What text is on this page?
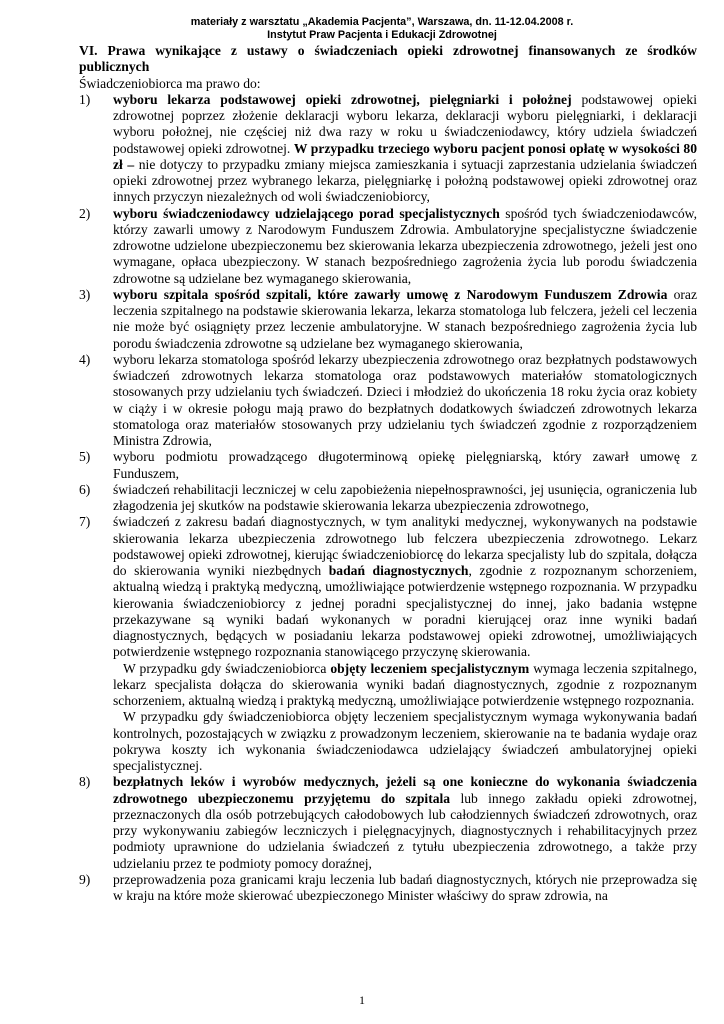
materiały z warsztatu „Akademia Pacjenta”, Warszawa, dn. 11-12.04.2008 r.
Instytut Praw Pacjenta i Edukacji Zdrowotnej

VI. Prawa wynikające z ustawy o świadczeniach opieki zdrowotnej finansowanych ze środków publicznych

Świadczeniobiorca ma prawo do:

1)	wyboru lekarza podstawowej opieki zdrowotnej, pielęgniarki i położnej podstawowej opieki zdrowotnej poprzez złożenie deklaracji wyboru lekarza, deklaracji wyboru pielęgniarki, i deklaracji wyboru położnej, nie częściej niż dwa razy w roku u świadczeniodawcy, który udziela świadczeń podstawowej opieki zdrowotnej. W przypadku trzeciego wyboru pacjent ponosi opłatę w wysokości 80 zł – nie dotyczy to przypadku zmiany miejsca zamieszkania i sytuacji zaprzestania udzielania świadczeń opieki zdrowotnej przez wybranego lekarza, pielęgniarkę i położną podstawowej opieki zdrowotnej oraz innych przyczyn niezależnych od woli świadczeniobiorcy,
2)	wyboru świadczeniodawcy udzielającego porad specjalistycznych spośród tych świadczeniodawców, którzy zawarli umowy z Narodowym Funduszem Zdrowia. Ambulatoryjne specjalistyczne świadczenie zdrowotne udzielone ubezpieczonemu bez skierowania lekarza ubezpieczenia zdrowotnego, jeżeli jest ono wymagane, opłaca ubezpieczony. W stanach bezpośredniego zagrożenia życia lub porodu świadczenia zdrowotne są udzielane bez wymaganego skierowania,
3)	wyboru szpitala spośród szpitali, które zawarły umowę z Narodowym Funduszem Zdrowia oraz leczenia szpitalnego na podstawie skierowania lekarza, lekarza stomatologa lub felczera, jeżeli cel leczenia nie może być osiągnięty przez leczenie ambulatoryjne. W stanach bezpośredniego zagrożenia życia lub porodu świadczenia zdrowotne są udzielane bez wymaganego skierowania,
4)	wyboru lekarza stomatologa spośród lekarzy ubezpieczenia zdrowotnego oraz bezpłatnych podstawowych świadczeń zdrowotnych lekarza stomatologa oraz podstawowych materiałów stomatologicznych stosowanych przy udzielaniu tych świadczeń. Dzieci i młodzież do ukończenia 18 roku życia oraz kobiety w ciąży i w okresie połogu mają prawo do bezpłatnych dodatkowych świadczeń zdrowotnych lekarza stomatologa oraz materiałów stosowanych przy udzielaniu tych świadczeń zgodnie z rozporządzeniem Ministra Zdrowia,
5)	wyboru podmiotu prowadzącego długoterminową opiekę pielęgniarską, który zawarł umowę z Funduszem,
6)	świadczeń rehabilitacji leczniczej w celu zapobieżenia niepełnosprawności, jej usunięcia, ograniczenia lub złagodzenia jej skutków na podstawie skierowania lekarza ubezpieczenia zdrowotnego,
7)	świadczeń z zakresu badań diagnostycznych, w tym analityki medycznej, wykonywanych na podstawie skierowania lekarza ubezpieczenia zdrowotnego lub felczera ubezpieczenia zdrowotnego. Lekarz podstawowej opieki zdrowotnej, kierując świadczeniobiorcę do lekarza specjalisty lub do szpitala, dołącza do skierowania wyniki niezbędnych badań diagnostycznych, zgodnie z rozpoznanym schorzeniem, aktualną wiedzą i praktyką medyczną, umożliwiające potwierdzenie wstępnego rozpoznania. W przypadku kierowania świadczeniobiorcy z jednej poradni specjalistycznej do innej, jako badania wstępne przekazywane są wyniki badań wykonanych w poradni kierującej oraz inne wyniki badań diagnostycznych, będących w posiadaniu lekarza podstawowej opieki zdrowotnej, umożliwiających potwierdzenie wstępnego rozpoznania stanowiącego przyczynę skierowania.

W przypadku gdy świadczeniobiorca objęty leczeniem specjalistycznym wymaga leczenia szpitalnego, lekarz specjalista dołącza do skierowania wyniki badań diagnostycznych, zgodnie z rozpoznanym schorzeniem, aktualną wiedzą i praktyką medyczną, umożliwiające potwierdzenie wstępnego rozpoznania.

W przypadku gdy świadczeniobiorca objęty leczeniem specjalistycznym wymaga wykonywania badań kontrolnych, pozostających w związku z prowadzonym leczeniem, skierowanie na te badania wydaje oraz pokrywa koszty ich wykonania świadczeniodawca udzielający świadczeń ambulatoryjnej opieki specjalistycznej.

8)	bezpłatnych leków i wyrobów medycznych, jeżeli są one konieczne do wykonania świadczenia zdrowotnego ubezpieczonemu przyjętemu do szpitala lub innego zakładu opieki zdrowotnej, przeznaczonych dla osób potrzebujących całodobowych lub całodziennych świadczeń zdrowotnych, oraz przy wykonywaniu zabiegów leczniczych i pielęgnacyjnych, diagnostycznych i rehabilitacyjnych przez podmioty uprawnione do udzielania świadczeń z tytułu ubezpieczenia zdrowotnego, a także przy udzielaniu przez te podmioty pomocy doraźnej,
9)	przeprowadzenia poza granicami kraju leczenia lub badań diagnostycznych, których nie przeprowadza się w kraju na które może skierować ubezpieczonego Minister właściwy do spraw zdrowia, na
1
